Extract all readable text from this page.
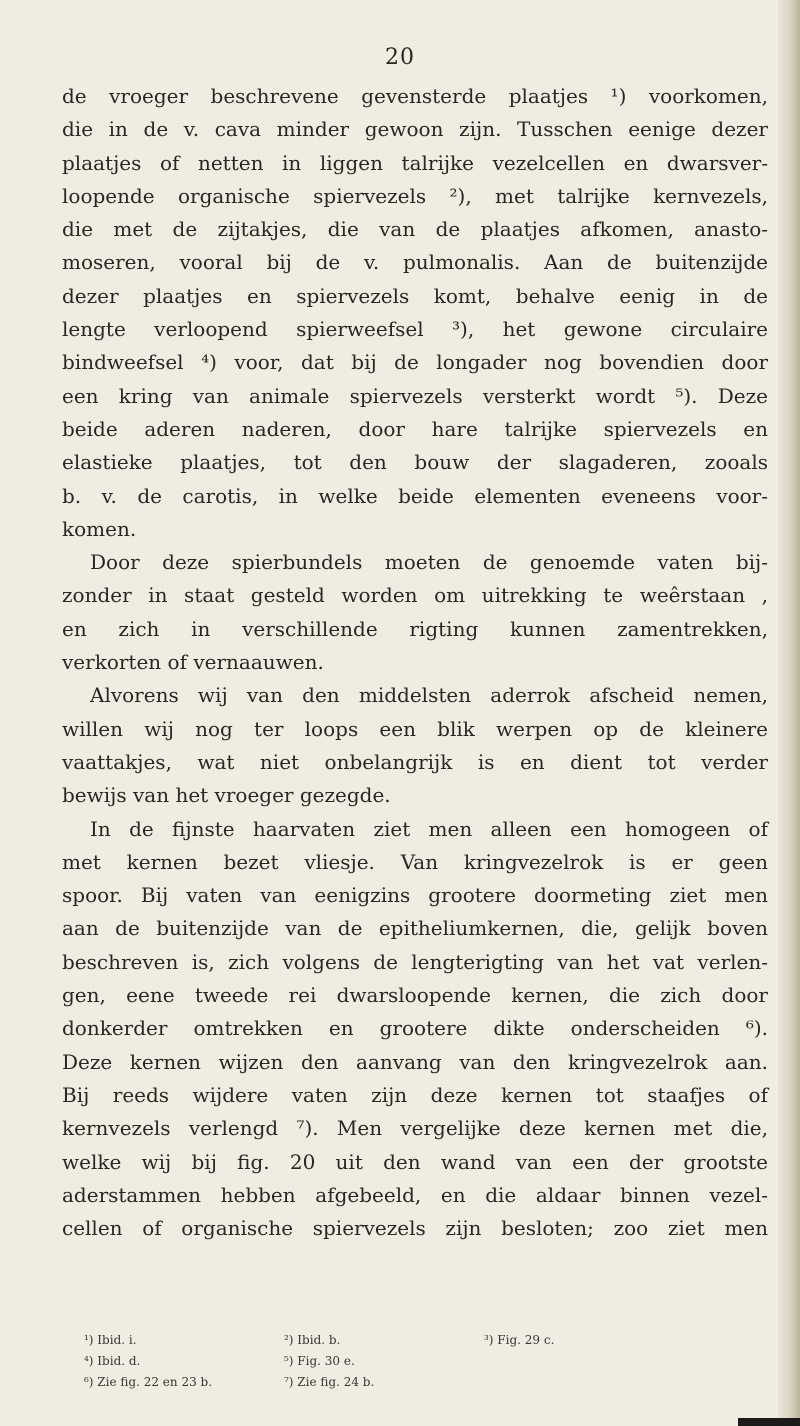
20

de vroeger beschrevene gevensterde plaatjes ¹) voorkomen,

die in de v. cava minder gewoon zijn. Tusschen eenige dezer

plaatjes of netten in liggen talrijke vezelcellen en dwarsver-

loopende organische spiervezels ²), met talrijke kernvezels,

die met de zijtakjes, die van de plaatjes afkomen, anasto-

moseren, vooral bij de v. pulmonalis. Aan de buitenzijde

dezer plaatjes en spiervezels komt, behalve eenig in de

lengte verloopend spierweefsel ³), het gewone circulaire

bindweefsel ⁴) voor, dat bij de longader nog bovendien door

een kring van animale spiervezels versterkt wordt ⁵). Deze

beide aderen naderen, door hare talrijke spiervezels en

elastieke plaatjes, tot den bouw der slagaderen, zooals

b. v. de carotis, in welke beide elementen eveneens voor-

komen.

Door deze spierbundels moeten de genoemde vaten bij-

zonder in staat gesteld worden om uitrekking te weêrstaan ,

en zich in verschillende rigting kunnen zamentrekken,

verkorten of vernaauwen.

Alvorens wij van den middelsten aderrok afscheid nemen,

willen wij nog ter loops een blik werpen op de kleinere

vaattakjes, wat niet onbelangrijk is en dient tot verder

bewijs van het vroeger gezegde.

In de fijnste haarvaten ziet men alleen een homogeen of

met kernen bezet vliesje. Van kringvezelrok is er geen

spoor. Bij vaten van eenigzins grootere doormeting ziet men

aan de buitenzijde van de epitheliumkernen, die, gelijk boven

beschreven is, zich volgens de lengterigting van het vat verlen-

gen, eene tweede rei dwarsloopende kernen, die zich door

donkerder omtrekken en grootere dikte onderscheiden ⁶).

Deze kernen wijzen den aanvang van den kringvezelrok aan.

Bij reeds wijdere vaten zijn deze kernen tot staafjes of

kernvezels verlengd ⁷). Men vergelijke deze kernen met die,

welke wij bij fig. 20 uit den wand van een der grootste

aderstammen hebben afgebeeld, en die aldaar binnen vezel-

cellen of organische spiervezels zijn besloten; zoo ziet men

¹) Ibid. i.	²) Ibid. b.	³) Fig. 29 c.
⁴) Ibid. d.	⁵) Fig. 30 e.
⁶) Zie fig. 22 en 23 b.	⁷) Zie fig. 24 b.
